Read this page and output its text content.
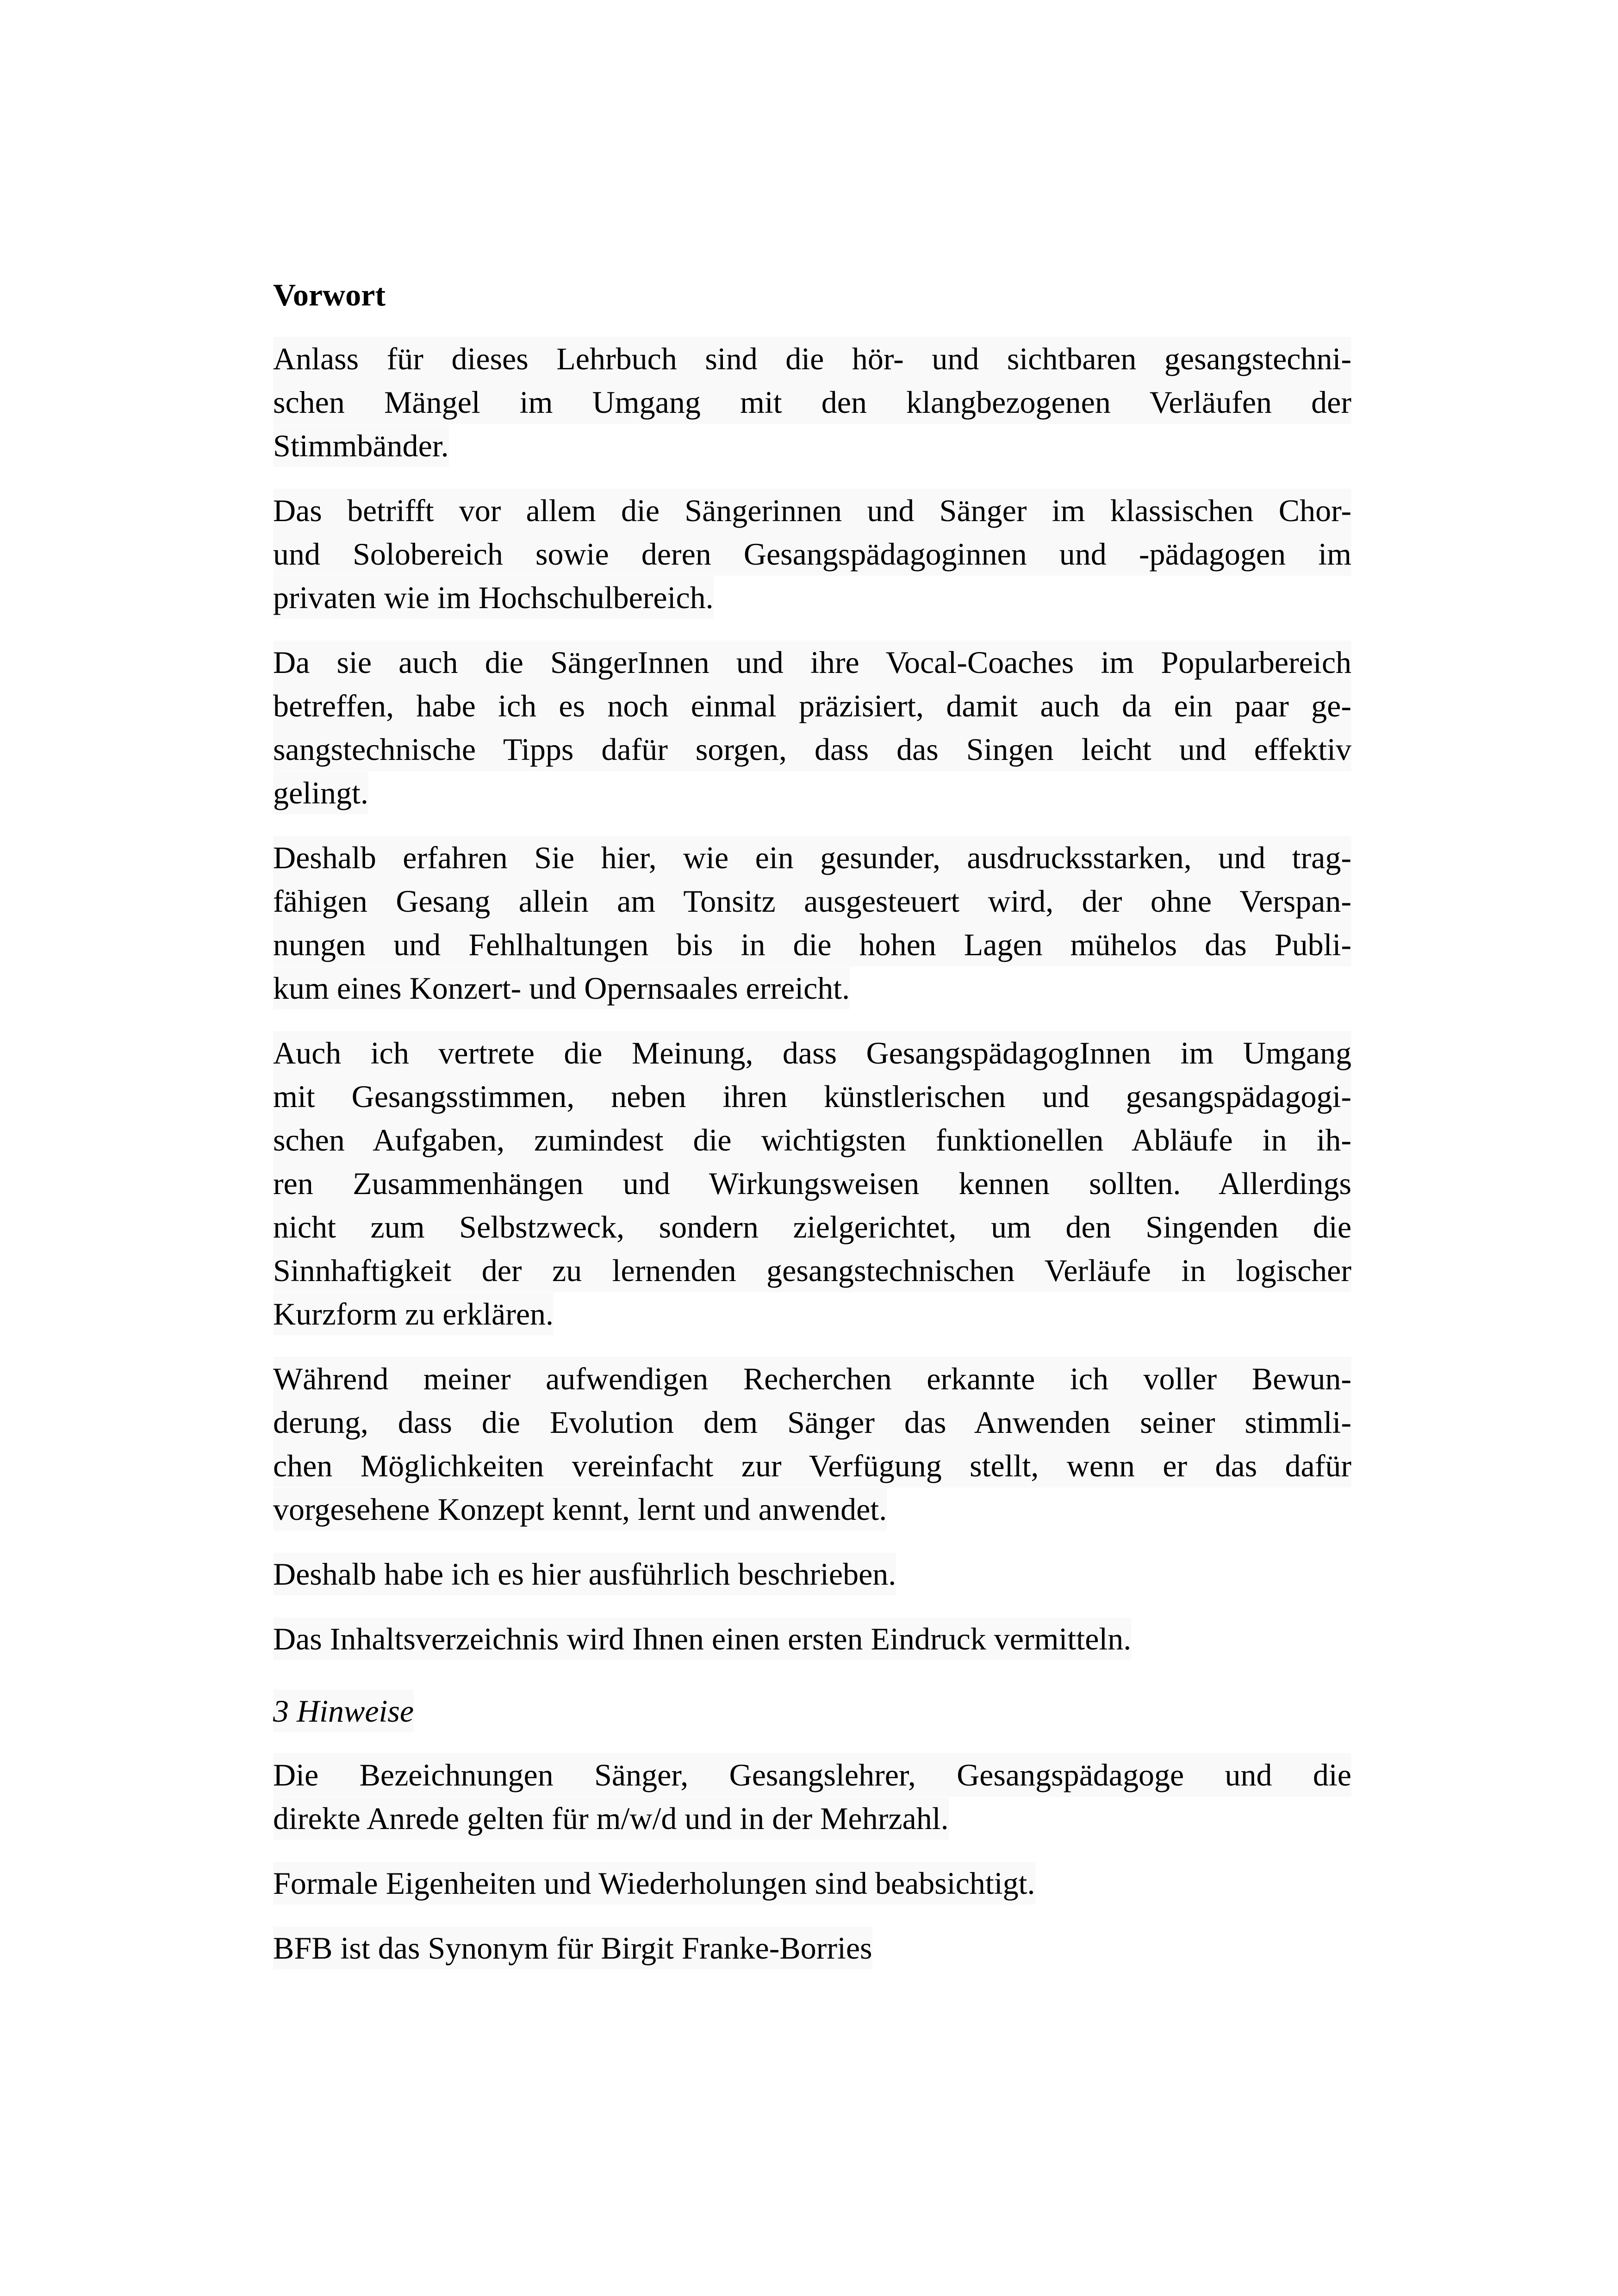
Vorwort
Anlass für dieses Lehrbuch sind die hör- und sichtbaren gesangstechni-
schen Mängel im Umgang mit den klangbezogenen Verläufen der
Stimmbänder.
Das betrifft vor allem die Sängerinnen und Sänger im klassischen Chor-
und Solobereich sowie deren Gesangspädagoginnen und -pädagogen im
privaten wie im Hochschulbereich.
Da sie auch die SängerInnen und ihre Vocal-Coaches im Popularbereich
betreffen, habe ich es noch einmal präzisiert, damit auch da ein paar ge-
sangstechnische Tipps dafür sorgen, dass das Singen leicht und effektiv
gelingt.
Deshalb erfahren Sie hier, wie ein gesunder, ausdrucksstarken, und trag-
fähigen Gesang allein am Tonsitz ausgesteuert wird, der ohne Verspan-
nungen und Fehlhaltungen bis in die hohen Lagen mühelos das Publi-
kum eines Konzert- und Opernsaales erreicht.
Auch ich vertrete die Meinung, dass GesangspädagogInnen im Umgang
mit Gesangsstimmen, neben ihren künstlerischen und gesangspädagogi-
schen Aufgaben, zumindest die wichtigsten funktionellen Abläufe in ih-
ren Zusammenhängen und Wirkungsweisen kennen sollten. Allerdings
nicht zum Selbstzweck, sondern zielgerichtet, um den Singenden die
Sinnhaftigkeit der zu lernenden gesangstechnischen Verläufe in logischer
Kurzform zu erklären.
Während meiner aufwendigen Recherchen erkannte ich voller Bewun-
derung, dass die Evolution dem Sänger das Anwenden seiner stimmli-
chen Möglichkeiten vereinfacht zur Verfügung stellt, wenn er das dafür
vorgesehene Konzept kennt, lernt und anwendet.
Deshalb habe ich es hier ausführlich beschrieben.
Das Inhaltsverzeichnis wird Ihnen einen ersten Eindruck vermitteln.
3 Hinweise
Die Bezeichnungen Sänger, Gesangslehrer, Gesangspädagoge und die
direkte Anrede gelten für m/w/d und in der Mehrzahl.
Formale Eigenheiten und Wiederholungen sind beabsichtigt.
BFB ist das Synonym für Birgit Franke-Borries
